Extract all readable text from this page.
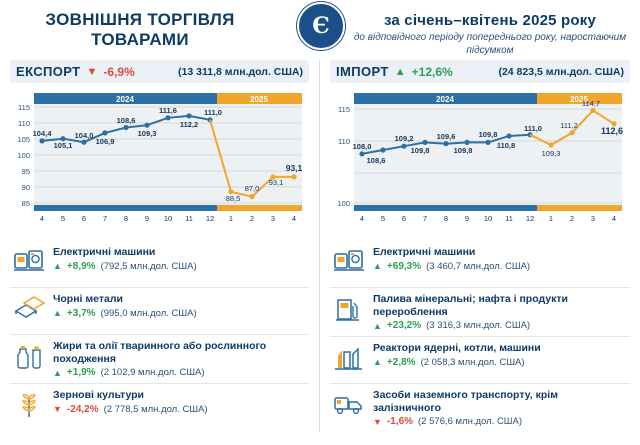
ЗОВНІШНЯ ТОРГІВЛЯ ТОВАРАМИ
Є	за січень–квітень 2025 року
до відповідного періоду попереднього року, наростаючим підсумком
ЕКСПОРТ ▼ -6,9%	(13 311,8 млн.дол. США)
2024	2025
115
110
105
100
95
90
85
104,4
105,1
104,0
106,9
108,6
109,3
111,6
112,2
111,0
88,5
87,0
93,1
93,1
4 5 6 7 8 9 10 11 12 1 2 3 4
Електричні машини
▲ +8,9% (792,5 млн.дол. США)
Чорні метали
▲ +3,7% (995,0 млн.дол. США)
Жири та олії тваринного або рослинного походження
▲ +1,9% (2 102,9 млн.дол. США)
Зернові культури
▼ -24,2% (2 778,5 млн.дол. США)
ІМПОРТ ▲ +12,6%	(24 823,5 млн.дол. США)
2024	2025
115
110
100
108,0
108,6
109,2
109,8
109,6
109,8
109,8
110,8
111,0
109,3
111,2
114,7
112,6
4 5 6 7 8 9 10 11 12 1 2 3 4
Електричні машини
▲ +69,3% (3 460,7 млн.дол. США)
Палива мінеральні; нафта і продукти перероблення
▲ +23,2% (3 316,3 млн.дол. США)
Реактори ядерні, котли, машини
▲ +2,8% (2 058,3 млн.дол. США)
Засоби наземного транспорту, крім залізничного
▼ -1,6% (2 576,6 млн.дол. США)
